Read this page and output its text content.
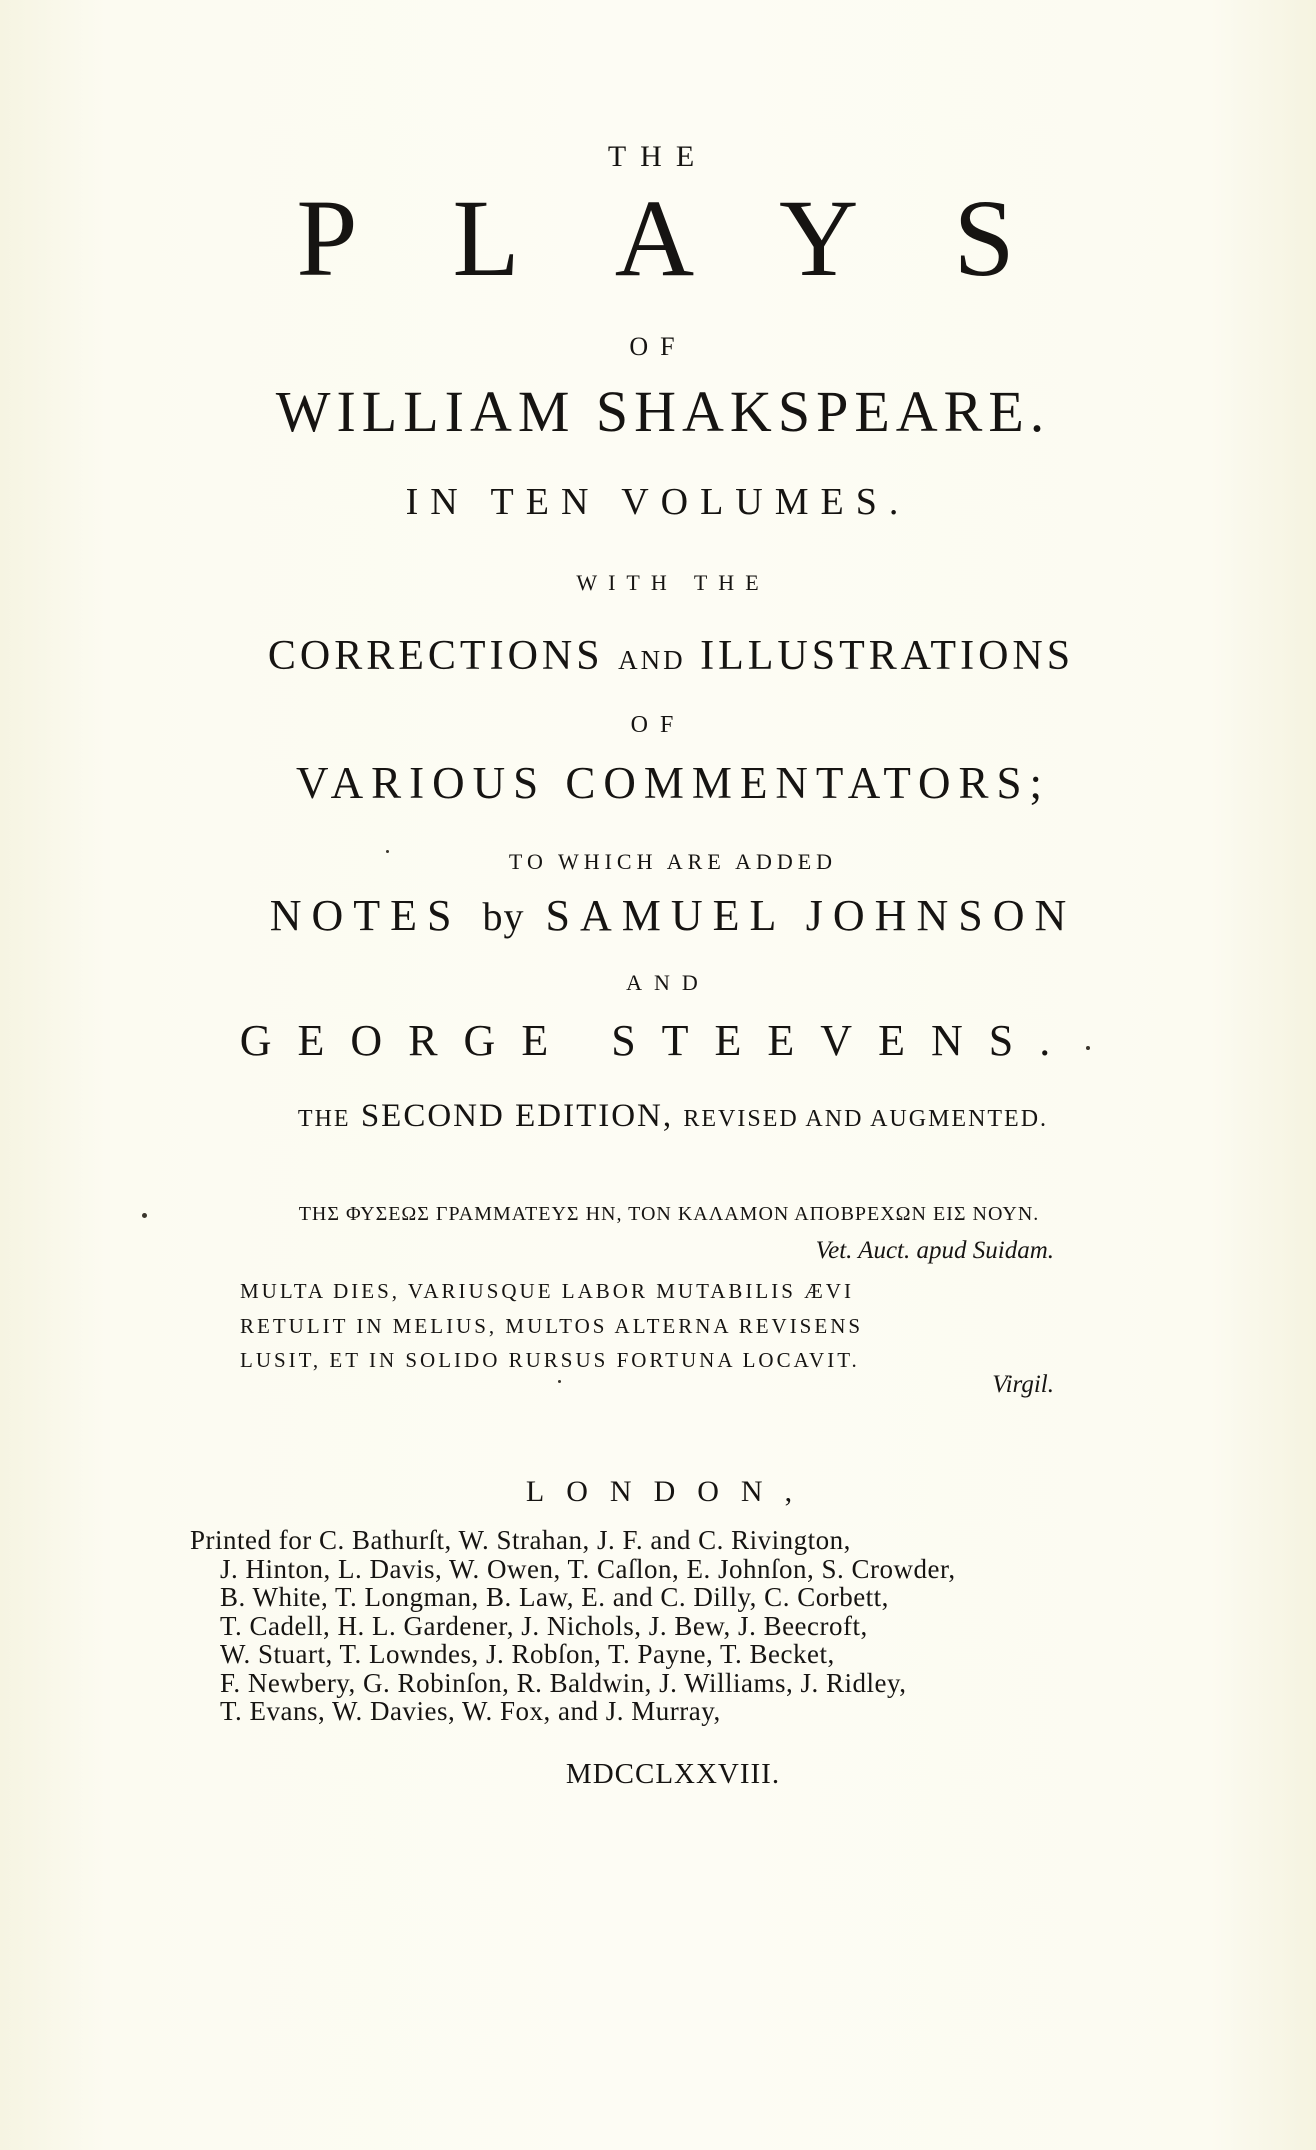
THE

PLAYS

OF

WILLIAM SHAKSPEARE.

IN TEN VOLUMES.

WITH THE

CORRECTIONS AND ILLUSTRATIONS

OF

VARIOUS COMMENTATORS;

TO WHICH ARE ADDED

NOTES by SAMUEL JOHNSON

AND

GEORGE STEEVENS.

THE SECOND EDITION, REVISED AND AUGMENTED.

ΤΗΣ ΦΥΣΕΩΣ ΓΡΑΜΜΑΤΕΥΣ ΗΝ, ΤΟΝ ΚΑΛΑΜΟΝ ΑΠΟΒΡΕΧΩΝ ΕΙΣ ΝΟΥΝ.

Vet. Auct. apud Suidam.
MULTA DIES, VARIUSQUE LABOR MUTABILIS ÆVI
RETULIT IN MELIUS, MULTOS ALTERNA REVISENS
LUSIT, ET IN SOLIDO RURSUS FORTUNA LOCAVIT.
Virgil.

LONDON,

Printed for C. Bathurſt, W. Strahan, J. F. and C. Rivington,

J. Hinton, L. Davis, W. Owen, T. Caſlon, E. Johnſon, S. Crowder,

B. White, T. Longman, B. Law, E. and C. Dilly, C. Corbett,

T. Cadell, H. L. Gardener, J. Nichols, J. Bew, J. Beecroft,

W. Stuart, T. Lowndes, J. Robſon, T. Payne, T. Becket,

F. Newbery, G. Robinſon, R. Baldwin, J. Williams, J. Ridley,

T. Evans, W. Davies, W. Fox, and J. Murray,

MDCCLXXVIII.
